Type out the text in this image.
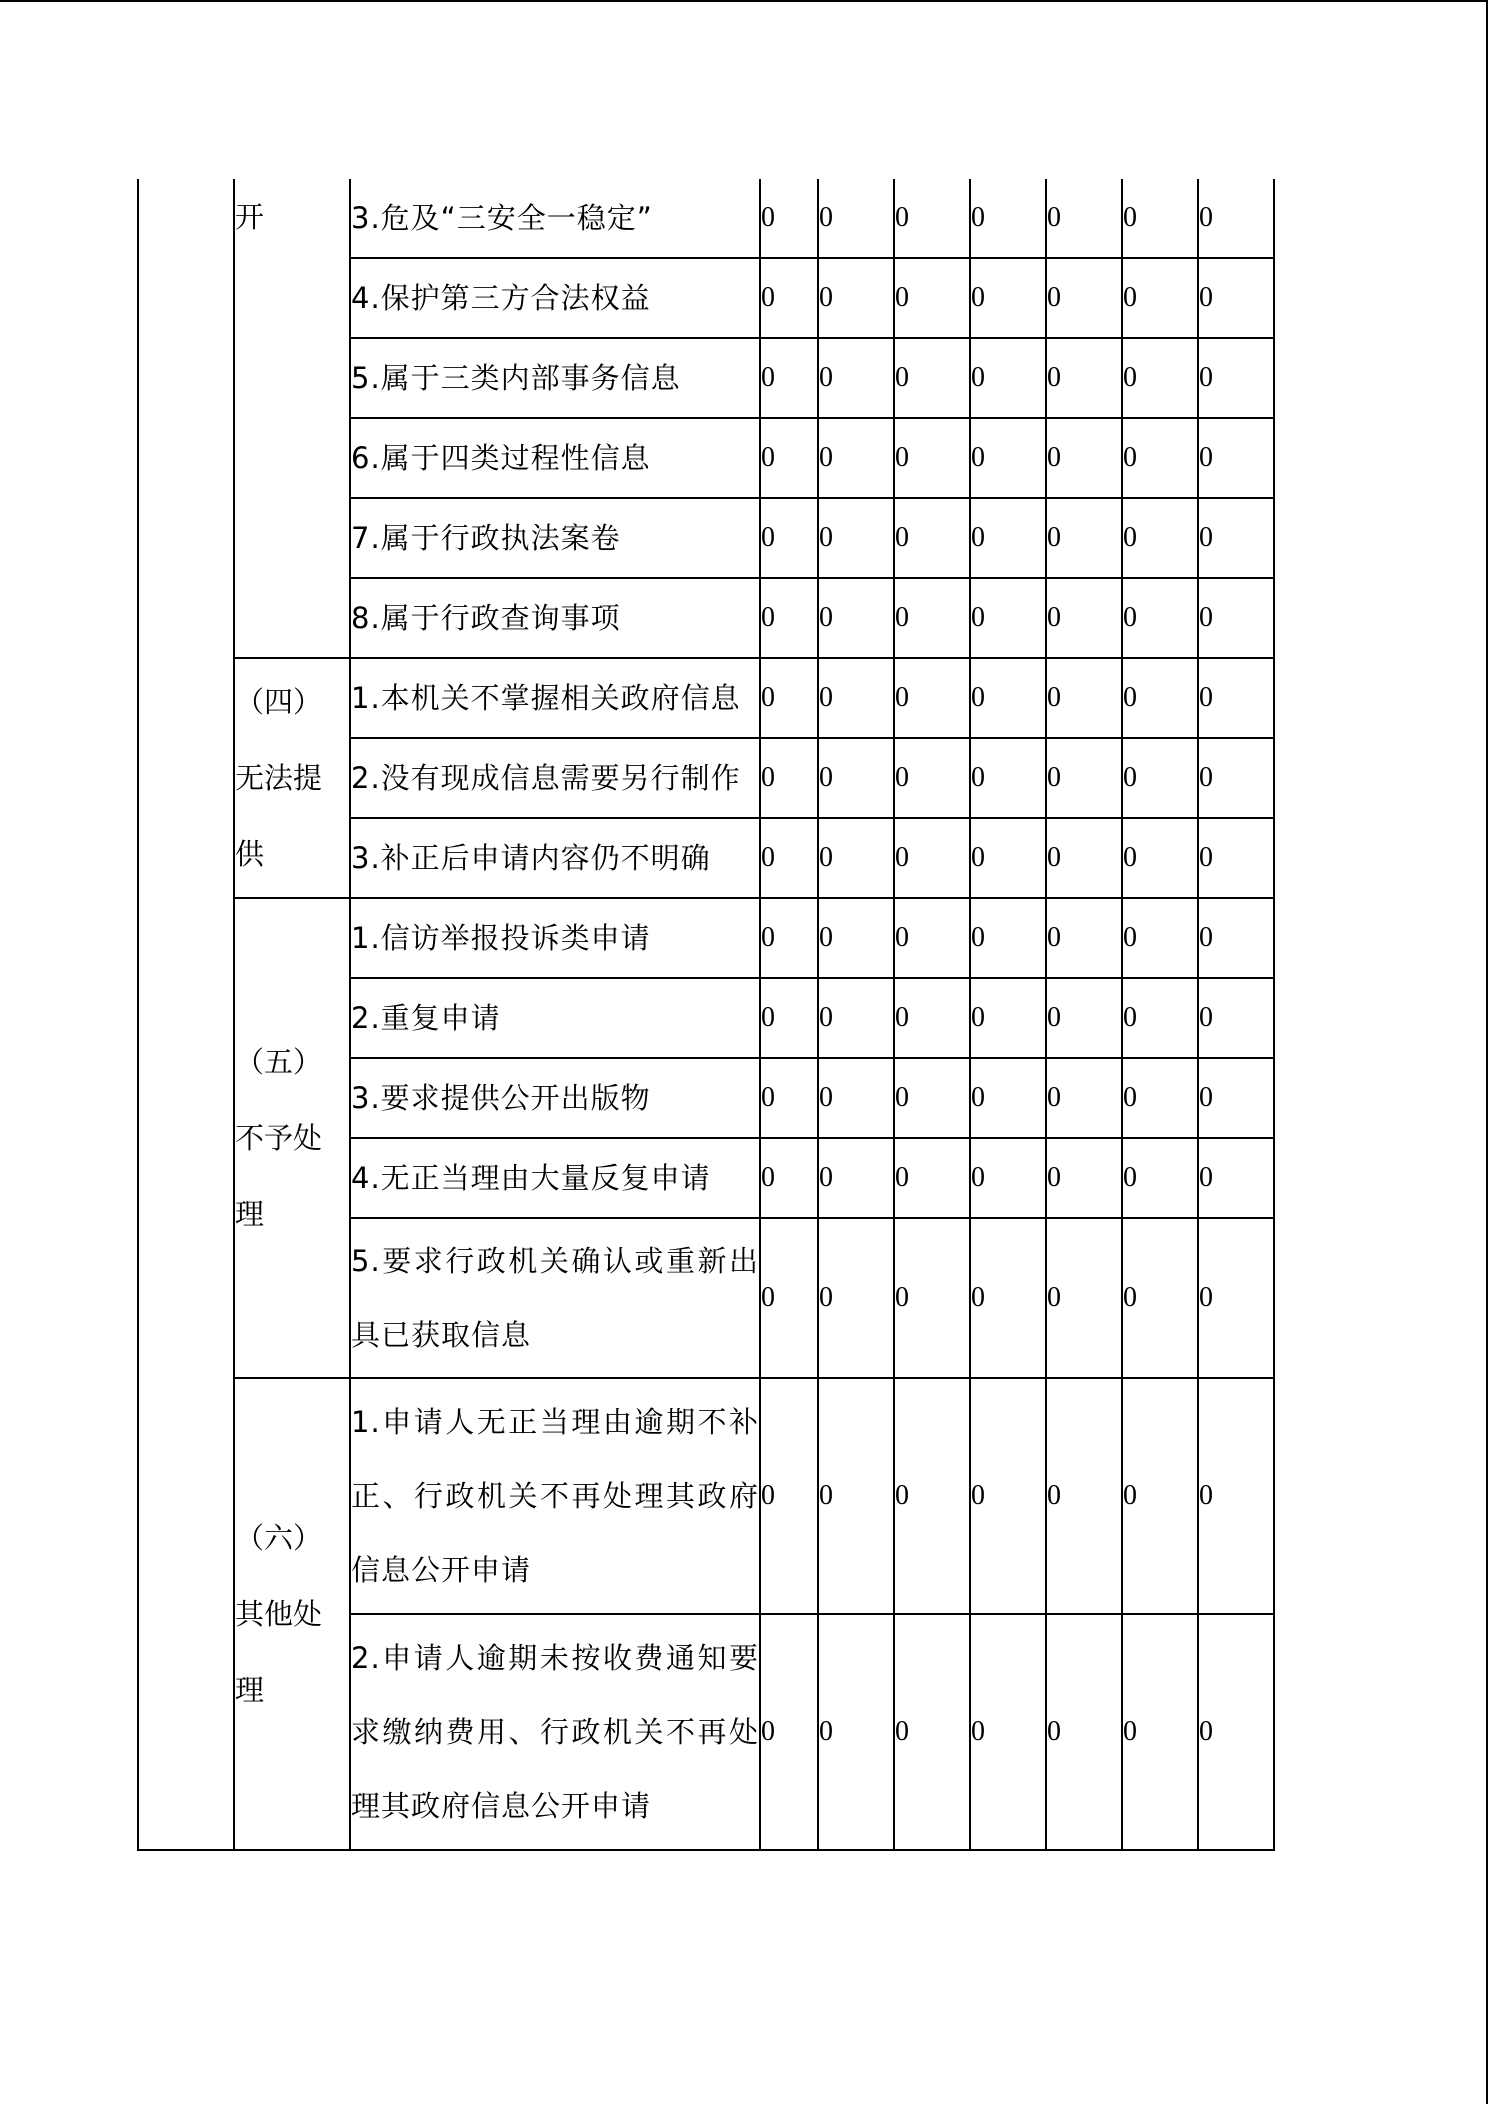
	开	3.危及“三安全一稳定”	0	0	0	0	0	0	0
		4.保护第三方合法权益	0	0	0	0	0	0	0
		5.属于三类内部事务信息	0	0	0	0	0	0	0
		6.属于四类过程性信息	0	0	0	0	0	0	0
		7.属于行政执法案卷	0	0	0	0	0	0	0
		8.属于行政查询事项	0	0	0	0	0	0	0

	（四）
无法提
供	1.本机关不掌握相关政府信息	0	0	0	0	0	0	0
		2.没有现成信息需要另行制作	0	0	0	0	0	0	0
		3.补正后申请内容仍不明确	0	0	0	0	0	0	0

	（五）
不予处
理	1.信访举报投诉类申请	0	0	0	0	0	0	0
		2.重复申请	0	0	0	0	0	0	0
		3.要求提供公开出版物	0	0	0	0	0	0	0
		4.无正当理由大量反复申请	0	0	0	0	0	0	0
		5.要求行政机关确认或重新出具已获取信息	0	0	0	0	0	0	0

	（六）
其他处
理	1.申请人无正当理由逾期不补正、行政机关不再处理其政府信息公开申请	0	0	0	0	0	0	0
		2.申请人逾期未按收费通知要求缴纳费用、行政机关不再处理其政府信息公开申请	0	0	0	0	0	0	0
